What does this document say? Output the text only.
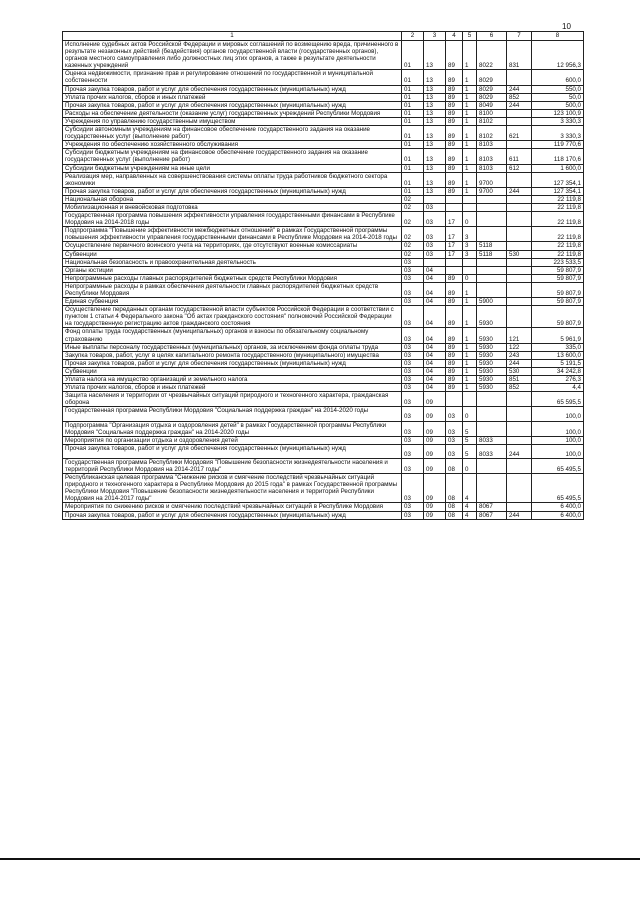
10
1	2	3	4	5	6	7	8
Исполнение судебных актов Российской Федерации и мировых соглашений по возмещению вреда, причиненного в результате незаконных действий (бездействия) органов государственной власти (государственных органов), органов местного самоуправления либо должностных лиц этих органов, а также в результате деятельности казенных учреждений	01	13	89	1	8022	831	12 956,3
Оценка недвижимости, признание прав и регулирование отношений по государственной и муниципальной собственности	01	13	89	1	8029		600,0
Прочая закупка товаров, работ и услуг для обеспечения государственных (муниципальных) нужд	01	13	89	1	8029	244	550,0
Уплата прочих налогов, сборов и иных платежей	01	13	89	1	8029	852	50,0
Прочая закупка товаров, работ и услуг для обеспечения государственных (муниципальных) нужд	01	13	89	1	8049	244	500,0
Расходы на обеспечение деятельности (оказание услуг) государственных учреждений Республики Мордовия	01	13	89	1	8100		123 100,9
Учреждения по управлению государственным имуществом	01	13	89	1	8102		3 330,3
Субсидии автономным учреждениям на финансовое обеспечение государственного задания на оказание государственных услуг (выполнение работ)	01	13	89	1	8102	621	3 330,3
Учреждения по обеспечению хозяйственного обслуживания	01	13	89	1	8103		119 770,6
Субсидии бюджетным учреждениям на финансовое обеспечение государственного задания на оказание государственных услуг (выполнение работ)	01	13	89	1	8103	611	118 170,6
Субсидии бюджетным учреждениям на иные цели	01	13	89	1	8103	612	1 600,0
Реализация мер, направленных на совершенствования системы оплаты труда работников бюджетного сектора экономики	01	13	89	1	9700		127 354,1
Прочая закупка товаров, работ и услуг для обеспечения государственных (муниципальных) нужд	01	13	89	1	9700	244	127 354,1
Национальная оборона	02						22 119,8
Мобилизационная и вневойсковая подготовка	02	03					22 119,8
Государственная программа повышения эффективности управления государственными финансами в Республике Мордовия на 2014-2018 годы	02	03	17	0			22 119,8
Подпрограмма "Повышение эффективности межбюджетных отношений" в рамках Государственной программы повышения эффективности управления государственными финансами в Республике Мордовия на 2014-2018 годы	02	03	17	3			22 119,8
Осуществление первичного воинского учета на территориях, где отсутствуют военные комиссариаты	02	03	17	3	5118		22 119,8
Субвенции	02	03	17	3	5118	530	22 119,8
Национальная безопасность и правоохранительная деятельность	03						223 533,5
Органы юстиции	03	04					59 807,9
Непрограммные расходы главных распорядителей бюджетных средств Республики Мордовия	03	04	89	0			59 807,9
Непрограммные расходы в рамках обеспечения деятельности главных распорядителей бюджетных средств Республики Мордовия	03	04	89	1			59 807,9
Единая субвенция	03	04	89	1	5900		59 807,9
Осуществление переданных органам государственной власти субъектов Российской Федерации в соответствии с пунктом 1 статьи 4 Федерального закона "Об актах гражданского состояния" полномочий Российской Федерации на государственную регистрацию актов гражданского состояния	03	04	89	1	5930		59 807,9
Фонд оплаты труда государственных (муниципальных) органов и взносы по обязательному социальному страхованию	03	04	89	1	5930	121	5 961,9
Иные выплаты персоналу государственных (муниципальных) органов, за исключением фонда оплаты труда	03	04	89	1	5930	122	335,0
Закупка товаров, работ, услуг в целях капитального ремонта государственного (муниципального) имущества	03	04	89	1	5930	243	13 600,0
Прочая закупка товаров, работ и услуг для обеспечения государственных (муниципальных) нужд	03	04	89	1	5930	244	5 191,5
Субвенции	03	04	89	1	5930	530	34 242,8
Уплата налога на имущество организаций и земельного налога	03	04	89	1	5930	851	276,3
Уплата прочих налогов, сборов и иных платежей	03	04	89	1	5930	852	4,4
Защита населения и территории от чрезвычайных ситуаций природного и техногенного характера, гражданская оборона	03	09					65 595,5
Государственная программа Республики Мордовия "Социальная поддержка граждан" на 2014-2020 годы	03	09	03	0			100,0
Подпрограмма "Организация отдыха и оздоровления детей" в рамках Государственной программы Республики Мордовия "Социальная поддержка граждан" на 2014-2020 годы	03	09	03	5			100,0
Мероприятия по организации отдыха и оздоровления детей	03	09	03	5	8033		100,0
Прочая закупка товаров, работ и услуг для обеспечения государственных (муниципальных) нужд	03	09	03	5	8033	244	100,0
Государственная программа Республики Мордовия "Повышение безопасности жизнедеятельности населения и территорий Республики Мордовия на 2014-2017 годы"	03	09	08	0			65 495,5
Республиканская целевая программа "Снижение рисков и смягчение последствий чрезвычайных ситуаций природного и техногенного характера в Республике Мордовия до 2015 года" в рамках Государственной программы Республики Мордовия "Повышение безопасности жизнедеятельности населения и территорий Республики Мордовия на 2014-2017 годы"	03	09	08	4			65 495,5
Мероприятия по снижению рисков и смягчению последствий чрезвычайных ситуаций в Республике Мордовия	03	09	08	4	8067		6 400,0
Прочая закупка товаров, работ и услуг для обеспечения государственных (муниципальных) нужд	03	09	08	4	8067	244	6 400,0
